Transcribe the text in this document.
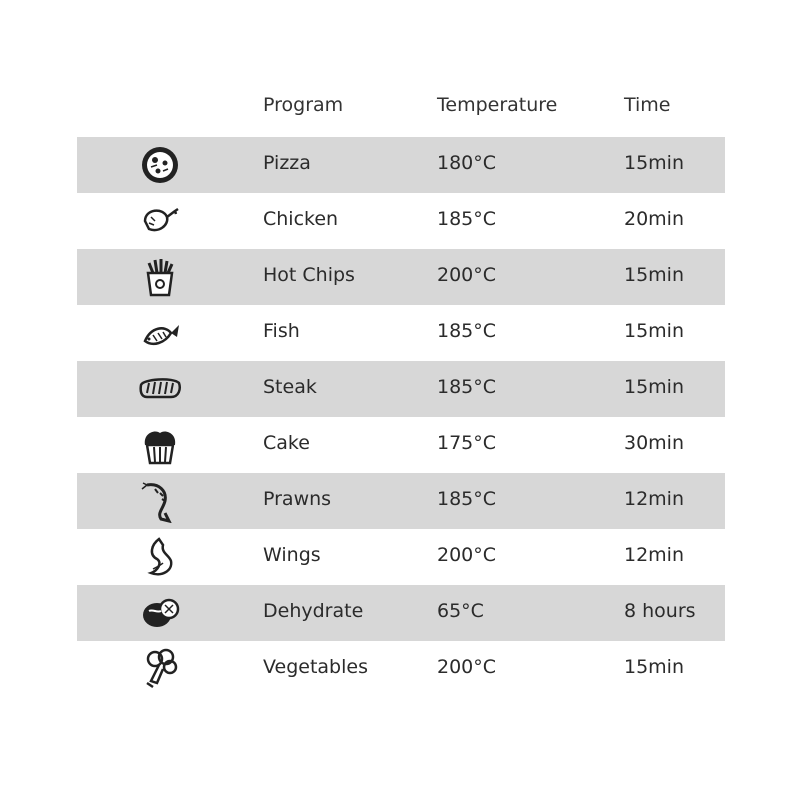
Program	Temperature	Time
Pizza	180°C	15min
Chicken	185°C	20min
Hot Chips	200°C	15min
Fish	185°C	15min
Steak	185°C	15min
Cake	175°C	30min
Prawns	185°C	12min
Wings	200°C	12min
Dehydrate	65°C	8 hours
Vegetables	200°C	15min
